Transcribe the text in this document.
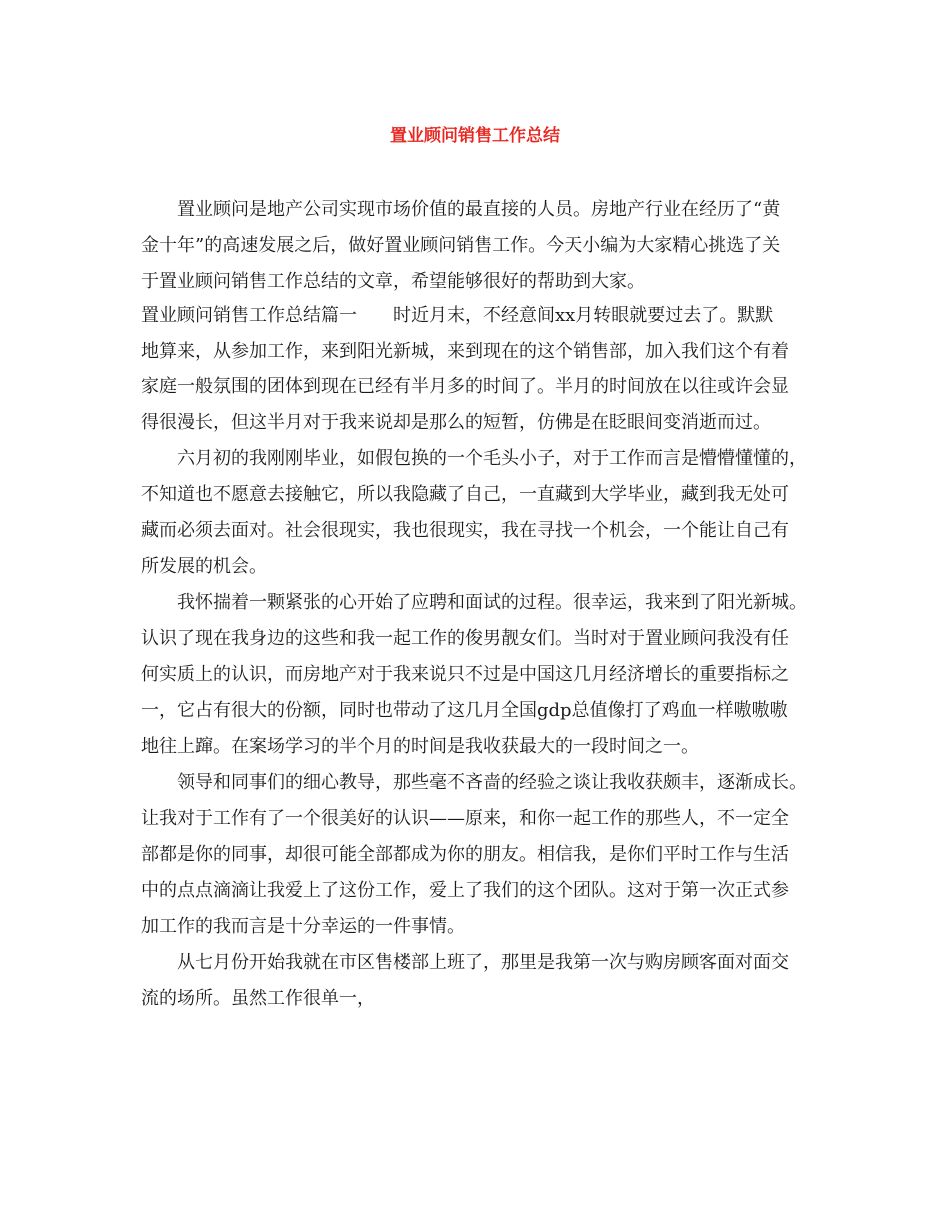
置业顾问销售工作总结

置业顾问是地产公司实现市场价值的最直接的人员。房地产行业在经历了“黄

金十年”的高速发展之后，做好置业顾问销售工作。今天小编为大家精心挑选了关

于置业顾问销售工作总结的文章，希望能够很好的帮助到大家。

置业顾问销售工作总结篇一 时近月末，不经意间xx月转眼就要过去了。默默

地算来，从参加工作，来到阳光新城，来到现在的这个销售部，加入我们这个有着

家庭一般氛围的团体到现在已经有半月多的时间了。半月的时间放在以往或许会显

得很漫长，但这半月对于我来说却是那么的短暂，仿佛是在眨眼间变消逝而过。

六月初的我刚刚毕业，如假包换的一个毛头小子，对于工作而言是懵懵懂懂的，

不知道也不愿意去接触它，所以我隐藏了自己，一直藏到大学毕业，藏到我无处可

藏而必须去面对。社会很现实，我也很现实，我在寻找一个机会，一个能让自己有

所发展的机会。

我怀揣着一颗紧张的心开始了应聘和面试的过程。很幸运，我来到了阳光新城。

认识了现在我身边的这些和我一起工作的俊男靓女们。当时对于置业顾问我没有任

何实质上的认识，而房地产对于我来说只不过是中国这几月经济增长的重要指标之

一，它占有很大的份额，同时也带动了这几月全国gdp总值像打了鸡血一样嗷嗷嗷

地往上蹿。在案场学习的半个月的时间是我收获最大的一段时间之一。

领导和同事们的细心教导，那些毫不吝啬的经验之谈让我收获颇丰，逐渐成长。

让我对于工作有了一个很美好的认识——原来，和你一起工作的那些人，不一定全

部都是你的同事，却很可能全部都成为你的朋友。相信我，是你们平时工作与生活

中的点点滴滴让我爱上了这份工作，爱上了我们的这个团队。这对于第一次正式参

加工作的我而言是十分幸运的一件事情。

从七月份开始我就在市区售楼部上班了，那里是我第一次与购房顾客面对面交

流的场所。虽然工作很单一，
